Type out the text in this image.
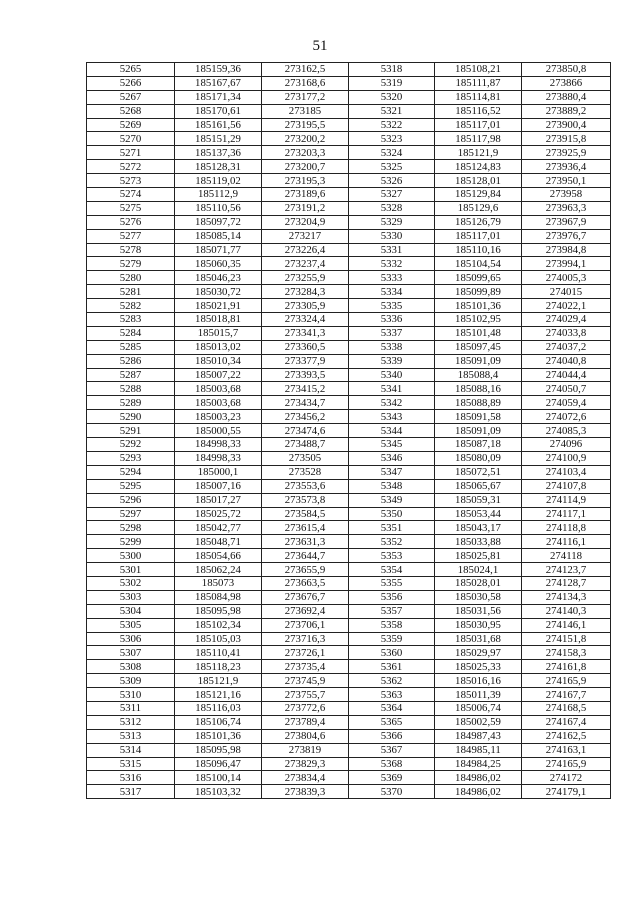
51
5265	185159,36	273162,5	5318	185108,21	273850,8
5266	185167,67	273168,6	5319	185111,87	273866
5267	185171,34	273177,2	5320	185114,81	273880,4
5268	185170,61	273185	5321	185116,52	273889,2
5269	185161,56	273195,5	5322	185117,01	273900,4
5270	185151,29	273200,2	5323	185117,98	273915,8
5271	185137,36	273203,3	5324	185121,9	273925,9
5272	185128,31	273200,7	5325	185124,83	273936,4
5273	185119,02	273195,3	5326	185128,01	273950,1
5274	185112,9	273189,6	5327	185129,84	273958
5275	185110,56	273191,2	5328	185129,6	273963,3
5276	185097,72	273204,9	5329	185126,79	273967,9
5277	185085,14	273217	5330	185117,01	273976,7
5278	185071,77	273226,4	5331	185110,16	273984,8
5279	185060,35	273237,4	5332	185104,54	273994,1
5280	185046,23	273255,9	5333	185099,65	274005,3
5281	185030,72	273284,3	5334	185099,89	274015
5282	185021,91	273305,9	5335	185101,36	274022,1
5283	185018,81	273324,4	5336	185102,95	274029,4
5284	185015,7	273341,3	5337	185101,48	274033,8
5285	185013,02	273360,5	5338	185097,45	274037,2
5286	185010,34	273377,9	5339	185091,09	274040,8
5287	185007,22	273393,5	5340	185088,4	274044,4
5288	185003,68	273415,2	5341	185088,16	274050,7
5289	185003,68	273434,7	5342	185088,89	274059,4
5290	185003,23	273456,2	5343	185091,58	274072,6
5291	185000,55	273474,6	5344	185091,09	274085,3
5292	184998,33	273488,7	5345	185087,18	274096
5293	184998,33	273505	5346	185080,09	274100,9
5294	185000,1	273528	5347	185072,51	274103,4
5295	185007,16	273553,6	5348	185065,67	274107,8
5296	185017,27	273573,8	5349	185059,31	274114,9
5297	185025,72	273584,5	5350	185053,44	274117,1
5298	185042,77	273615,4	5351	185043,17	274118,8
5299	185048,71	273631,3	5352	185033,88	274116,1
5300	185054,66	273644,7	5353	185025,81	274118
5301	185062,24	273655,9	5354	185024,1	274123,7
5302	185073	273663,5	5355	185028,01	274128,7
5303	185084,98	273676,7	5356	185030,58	274134,3
5304	185095,98	273692,4	5357	185031,56	274140,3
5305	185102,34	273706,1	5358	185030,95	274146,1
5306	185105,03	273716,3	5359	185031,68	274151,8
5307	185110,41	273726,1	5360	185029,97	274158,3
5308	185118,23	273735,4	5361	185025,33	274161,8
5309	185121,9	273745,9	5362	185016,16	274165,9
5310	185121,16	273755,7	5363	185011,39	274167,7
5311	185116,03	273772,6	5364	185006,74	274168,5
5312	185106,74	273789,4	5365	185002,59	274167,4
5313	185101,36	273804,6	5366	184987,43	274162,5
5314	185095,98	273819	5367	184985,11	274163,1
5315	185096,47	273829,3	5368	184984,25	274165,9
5316	185100,14	273834,4	5369	184986,02	274172
5317	185103,32	273839,3	5370	184986,02	274179,1
